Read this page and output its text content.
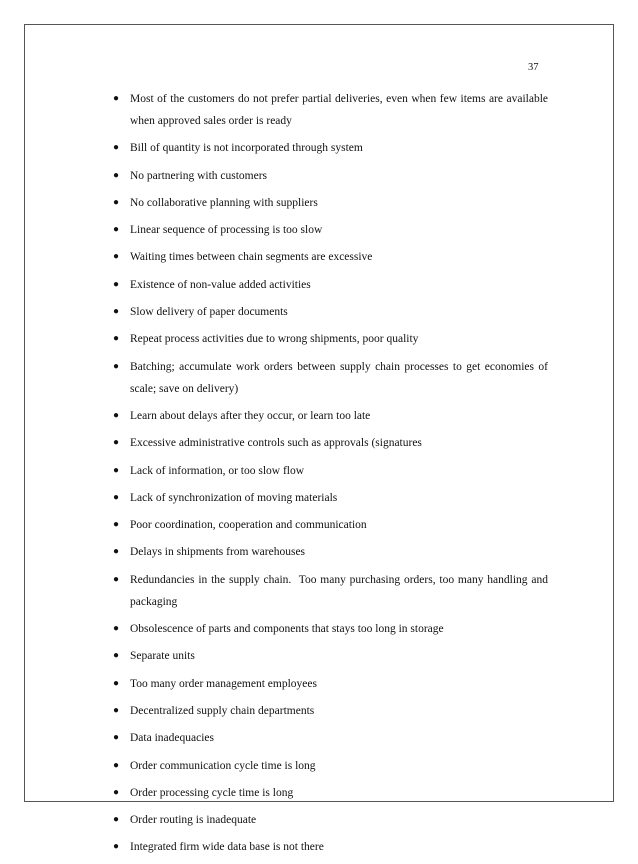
37
● Most of the customers do not prefer partial deliveries, even when few items are available when approved sales order is ready
● Bill of quantity is not incorporated through system
● No partnering with customers
● No collaborative planning with suppliers
● Linear sequence of processing is too slow
● Waiting times between chain segments are excessive
● Existence of non-value added activities
● Slow delivery of paper documents
● Repeat process activities due to wrong shipments, poor quality
● Batching; accumulate work orders between supply chain processes to get economies of scale; save on delivery)
● Learn about delays after they occur, or learn too late
● Excessive administrative controls such as approvals (signatures
● Lack of information, or too slow flow
● Lack of synchronization of moving materials
● Poor coordination, cooperation and communication
● Delays in shipments from warehouses
● Redundancies in the supply chain.  Too many purchasing orders, too many handling and packaging
● Obsolescence of parts and components that stays too long in storage
● Separate units
● Too many order management employees
● Decentralized supply chain departments
● Data inadequacies
● Order communication cycle time is long
● Order processing cycle time is long
● Order routing is inadequate
● Integrated firm wide data base is not there
